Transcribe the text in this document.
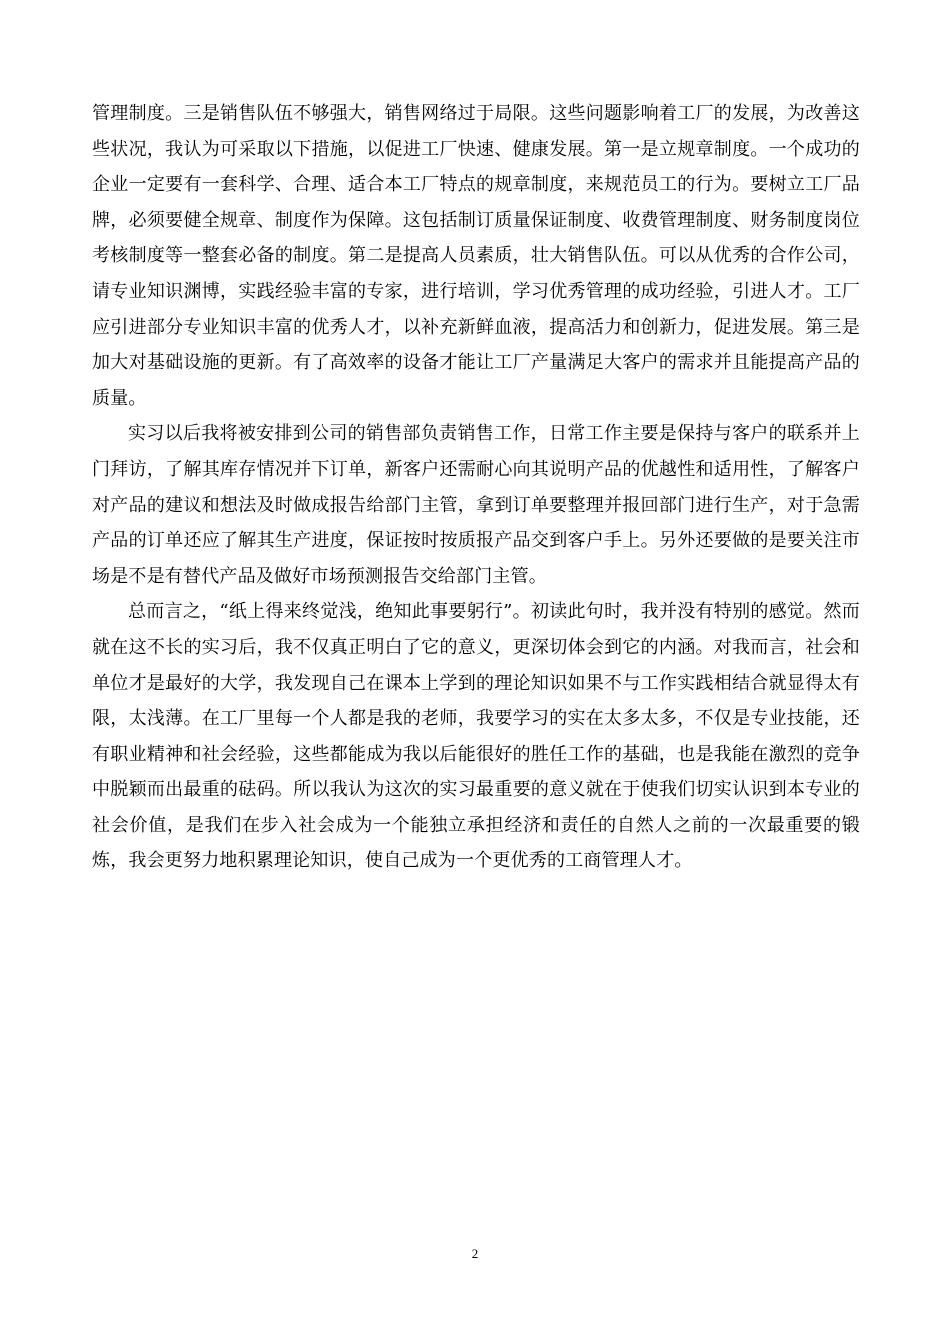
管理制度。三是销售队伍不够强大，销售网络过于局限。这些问题影响着工厂的发展，为改善这些状况，我认为可采取以下措施，以促进工厂快速、健康发展。第一是立规章制度。一个成功的企业一定要有一套科学、合理、适合本工厂特点的规章制度，来规范员工的行为。要树立工厂品牌，必须要健全规章、制度作为保障。这包括制订质量保证制度、收费管理制度、财务制度岗位考核制度等一整套必备的制度。第二是提高人员素质，壮大销售队伍。可以从优秀的合作公司，请专业知识渊博，实践经验丰富的专家，进行培训，学习优秀管理的成功经验，引进人才。工厂应引进部分专业知识丰富的优秀人才，以补充新鲜血液，提高活力和创新力，促进发展。第三是加大对基础设施的更新。有了高效率的设备才能让工厂产量满足大客户的需求并且能提高产品的质量。

实习以后我将被安排到公司的销售部负责销售工作，日常工作主要是保持与客户的联系并上门拜访，了解其库存情况并下订单，新客户还需耐心向其说明产品的优越性和适用性，了解客户对产品的建议和想法及时做成报告给部门主管，拿到订单要整理并报回部门进行生产，对于急需产品的订单还应了解其生产进度，保证按时按质报产品交到客户手上。另外还要做的是要关注市场是不是有替代产品及做好市场预测报告交给部门主管。

总而言之，“纸上得来终觉浅，绝知此事要躬行”。初读此句时，我并没有特别的感觉。然而就在这不长的实习后，我不仅真正明白了它的意义，更深切体会到它的内涵。对我而言，社会和单位才是最好的大学，我发现自己在课本上学到的理论知识如果不与工作实践相结合就显得太有限，太浅薄。在工厂里每一个人都是我的老师，我要学习的实在太多太多，不仅是专业技能，还有职业精神和社会经验，这些都能成为我以后能很好的胜任工作的基础，也是我能在激烈的竞争中脱颖而出最重的砝码。所以我认为这次的实习最重要的意义就在于使我们切实认识到本专业的社会价值，是我们在步入社会成为一个能独立承担经济和责任的自然人之前的一次最重要的锻炼，我会更努力地积累理论知识，使自己成为一个更优秀的工商管理人才。

2
